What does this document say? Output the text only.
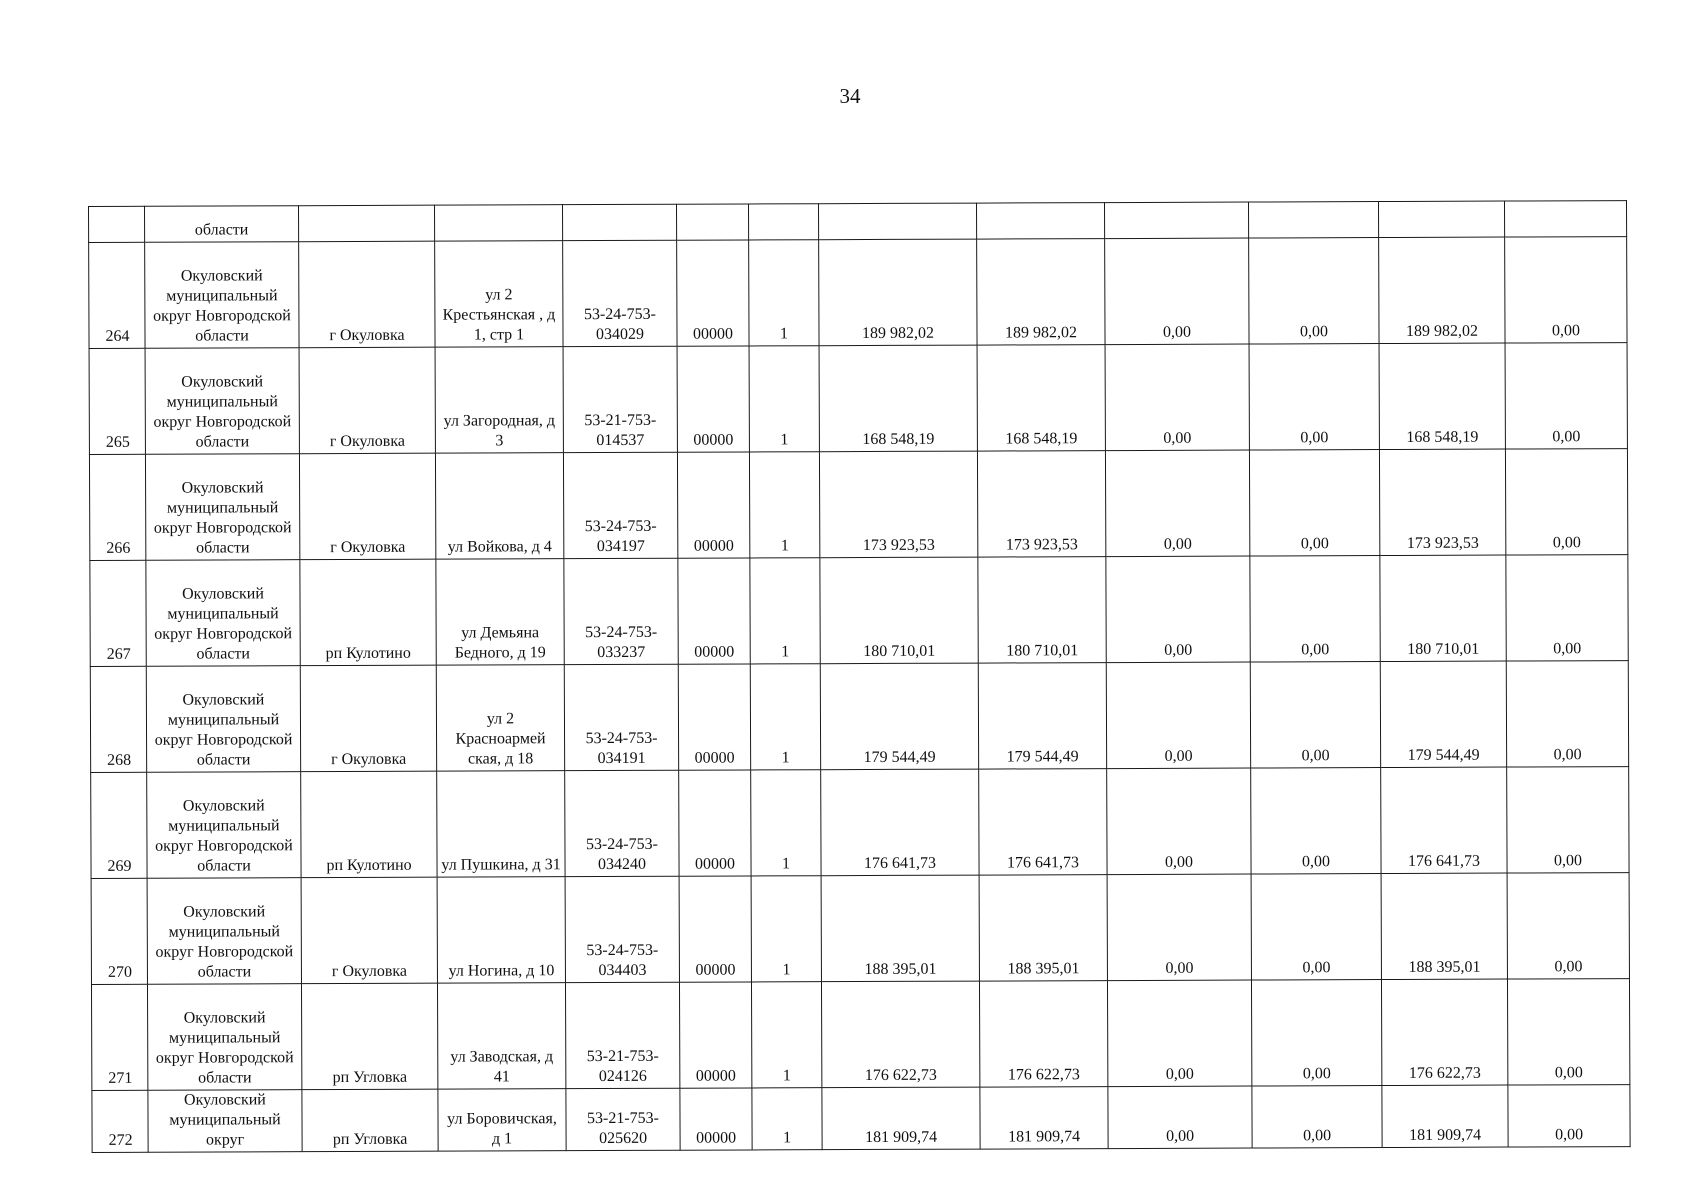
34
	области											
264	Окуловский муниципальный округ Новгородской области	г Окуловка	ул 2 Крестьянская , д 1, стр 1	53-24-753-034029	00000	1	189 982,02	189 982,02	0,00	0,00	189 982,02	0,00
265	Окуловский муниципальный округ Новгородской области	г Окуловка	ул Загородная, д 3	53-21-753-014537	00000	1	168 548,19	168 548,19	0,00	0,00	168 548,19	0,00
266	Окуловский муниципальный округ Новгородской области	г Окуловка	ул Войкова, д 4	53-24-753-034197	00000	1	173 923,53	173 923,53	0,00	0,00	173 923,53	0,00
267	Окуловский муниципальный округ Новгородской области	рп Кулотино	ул Демьяна Бедного, д 19	53-24-753-033237	00000	1	180 710,01	180 710,01	0,00	0,00	180 710,01	0,00
268	Окуловский муниципальный округ Новгородской области	г Окуловка	ул 2 Красноармей ская, д 18	53-24-753-034191	00000	1	179 544,49	179 544,49	0,00	0,00	179 544,49	0,00
269	Окуловский муниципальный округ Новгородской области	рп Кулотино	ул Пушкина, д 31	53-24-753-034240	00000	1	176 641,73	176 641,73	0,00	0,00	176 641,73	0,00
270	Окуловский муниципальный округ Новгородской области	г Окуловка	ул Ногина, д 10	53-24-753-034403	00000	1	188 395,01	188 395,01	0,00	0,00	188 395,01	0,00
271	Окуловский муниципальный округ Новгородской области	рп Угловка	ул Заводская, д 41	53-21-753-024126	00000	1	176 622,73	176 622,73	0,00	0,00	176 622,73	0,00
272	Окуловский муниципальный округ	рп Угловка	ул Боровичская, д 1	53-21-753-025620	00000	1	181 909,74	181 909,74	0,00	0,00	181 909,74	0,00
